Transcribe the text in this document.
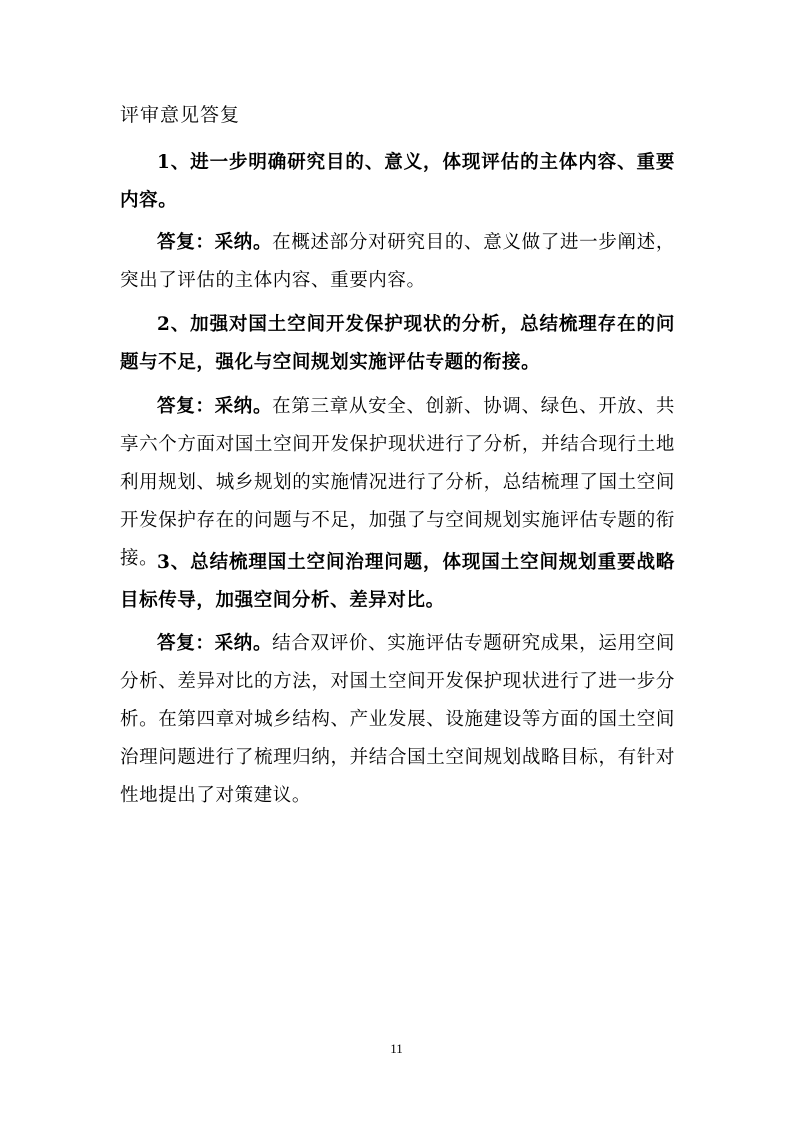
评审意见答复

1、进一步明确研究目的、意义，体现评估的主体内容、重要内容。

答复：采纳。在概述部分对研究目的、意义做了进一步阐述，突出了评估的主体内容、重要内容。

2、加强对国土空间开发保护现状的分析，总结梳理存在的问题与不足，强化与空间规划实施评估专题的衔接。

答复：采纳。在第三章从安全、创新、协调、绿色、开放、共享六个方面对国土空间开发保护现状进行了分析，并结合现行土地利用规划、城乡规划的实施情况进行了分析，总结梳理了国土空间开发保护存在的问题与不足，加强了与空间规划实施评估专题的衔接。

3、总结梳理国土空间治理问题，体现国土空间规划重要战略目标传导，加强空间分析、差异对比。

答复：采纳。结合双评价、实施评估专题研究成果，运用空间分析、差异对比的方法，对国土空间开发保护现状进行了进一步分析。在第四章对城乡结构、产业发展、设施建设等方面的国土空间治理问题进行了梳理归纳，并结合国土空间规划战略目标，有针对性地提出了对策建议。

11
